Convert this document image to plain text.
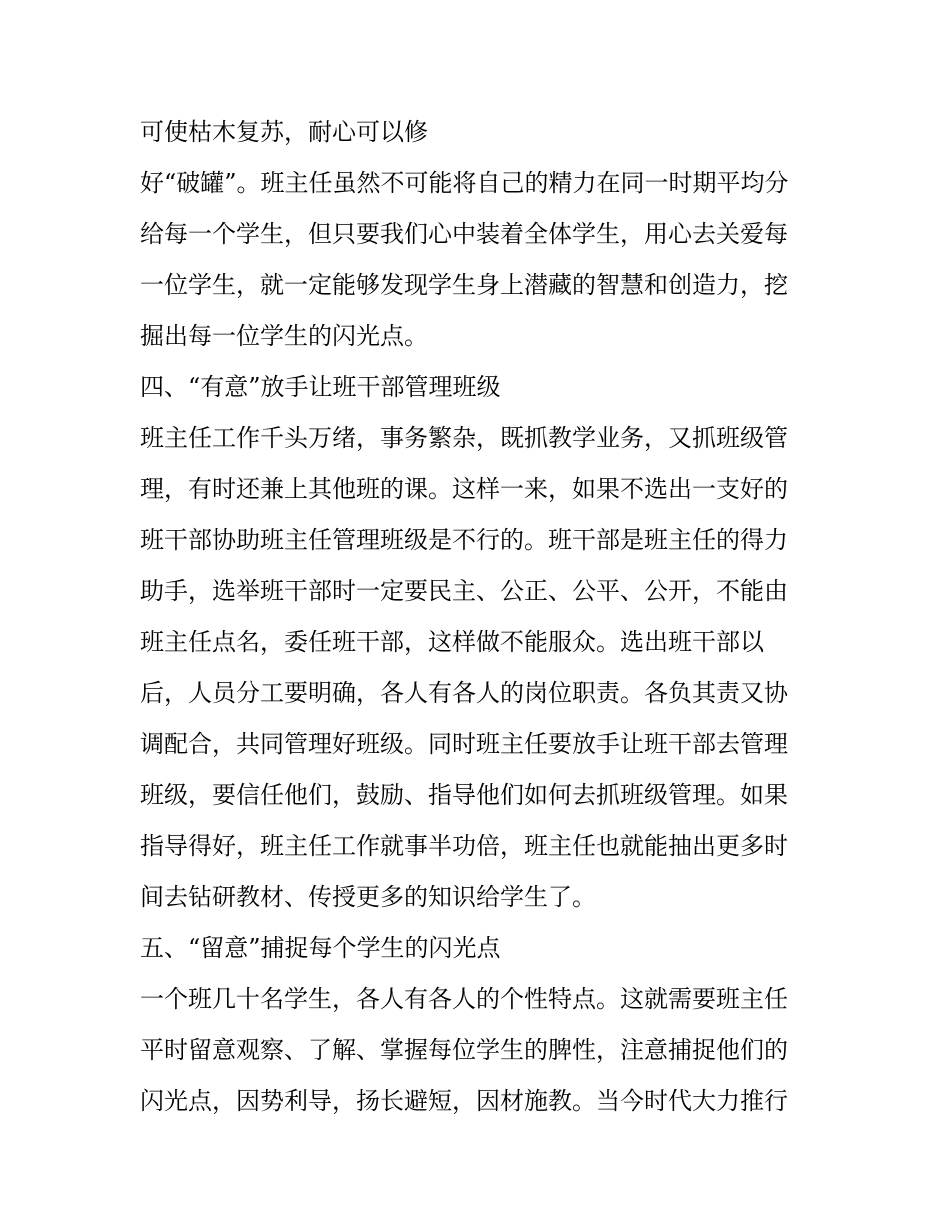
可使枯木复苏，耐心可以修
好“破罐”。班主任虽然不可能将自己的精力在同一时期平均分
给每一个学生，但只要我们心中装着全体学生，用心去关爱每
一位学生，就一定能够发现学生身上潜藏的智慧和创造力，挖
掘出每一位学生的闪光点。
四、“有意”放手让班干部管理班级
班主任工作千头万绪，事务繁杂，既抓教学业务，又抓班级管
理，有时还兼上其他班的课。这样一来，如果不选出一支好的
班干部协助班主任管理班级是不行的。班干部是班主任的得力
助手，选举班干部时一定要民主、公正、公平、公开，不能由
班主任点名，委任班干部，这样做不能服众。选出班干部以
后，人员分工要明确，各人有各人的岗位职责。各负其责又协
调配合，共同管理好班级。同时班主任要放手让班干部去管理
班级，要信任他们，鼓励、指导他们如何去抓班级管理。如果
指导得好，班主任工作就事半功倍，班主任也就能抽出更多时
间去钻研教材、传授更多的知识给学生了。
五、“留意”捕捉每个学生的闪光点
一个班几十名学生，各人有各人的个性特点。这就需要班主任
平时留意观察、了解、掌握每位学生的脾性，注意捕捉他们的
闪光点，因势利导，扬长避短，因材施教。当今时代大力推行
